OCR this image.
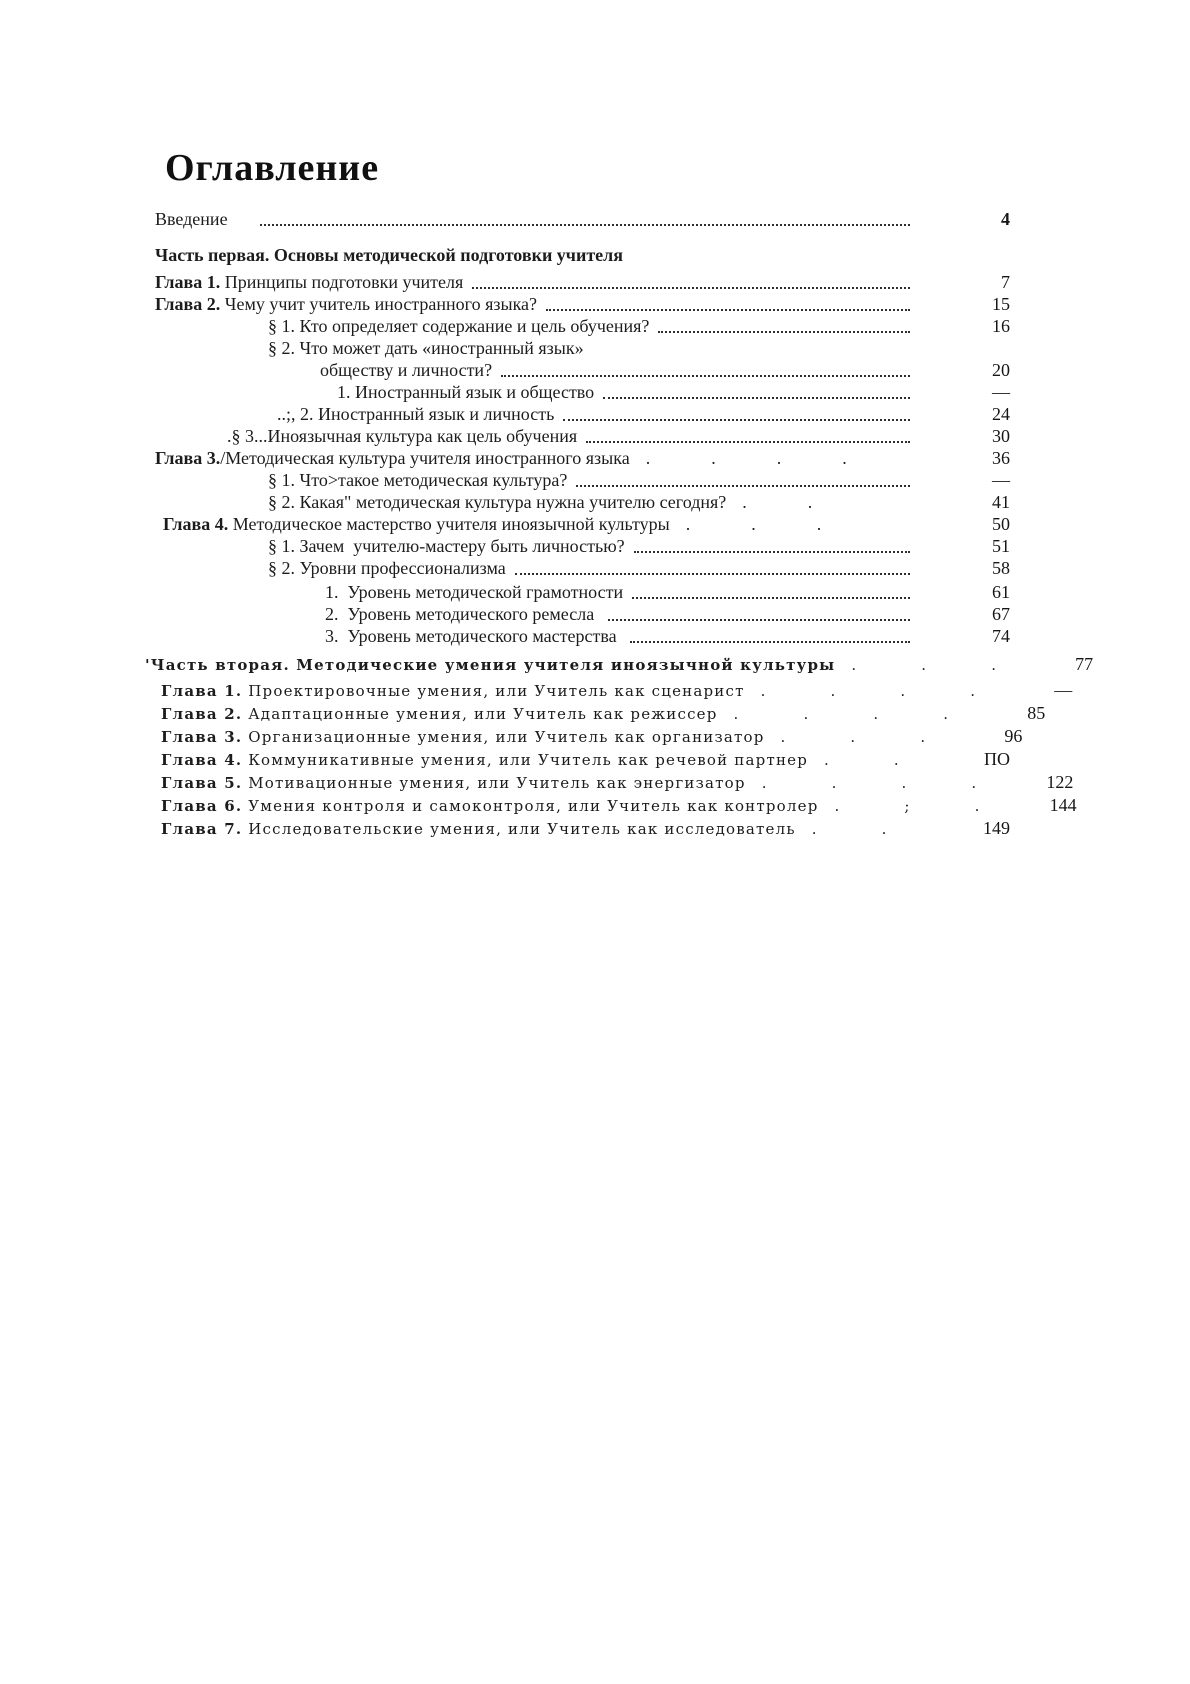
Оглавление
Введение	4
Часть первая. Основы методической подготовки учителя
Глава 1. Принципы подготовки учителя	7
Глава 2. Чему учит учитель иностранного языка?	15
§ 1. Кто определяет содержание и цель обучения?	16
§ 2. Что может дать «иностранный язык»
обществу и личности?	20
1. Иностранный язык и общество	—
..;, 2. Иностранный язык и личность	24
.§ 3...Иноязычная культура как цель обучения	30
Глава 3. /Методическая культура учителя иностранного языка .  .  .  .	36
§ 1. Что>такое методическая культура?	—
§ 2. Какая" методическая культура нужна учителю сегодня? .  .	41
Глава 4. Методическое мастерство учителя иноязычной культуры .  .  .	50
§ 1. Зачем  учителю-мастеру быть личностью?	51
§ 2. Уровни профессионализма	58
1.  Уровень методической грамотности	61
2.  Уровень методического ремесла	67
3.  Уровень методического мастерства	74
'Часть вторая. Методические умения учителя иноязычной культуры	.  .  .	77
Глава 1. Проектировочные умения, или Учитель как сценарист	.  .  .  .	—
Глава 2. Адаптационные умения, или Учитель как режиссер	.  .  .  .	85
Глава 3. Организационные умения, или Учитель как организатор	.  .  .	96
Глава 4. Коммуникативные умения, или Учитель как речевой партнер	.  .	ПО
Глава 5. Мотивационные умения, или Учитель как энергизатор	.  .  .  .	122
Глава 6. Умения контроля и самоконтроля, или Учитель как контролер	.  ;  .	144
Глава 7. Исследовательские умения, или Учитель как исследователь	.  .	149
